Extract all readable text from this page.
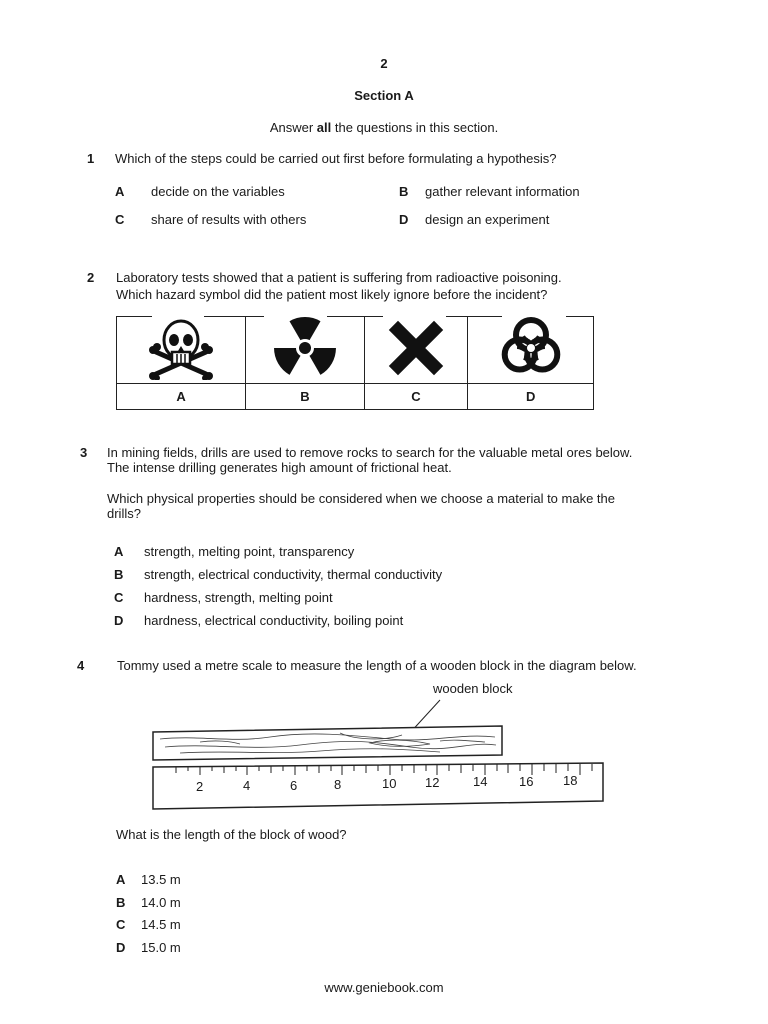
2
Section A
Answer all the questions in this section.
1 Which of the steps could be carried out first before formulating a hypothesis?
A decide on the variables	B gather relevant information
C share of results with others	D design an experiment
2 Laboratory tests showed that a patient is suffering from radioactive poisoning.
Which hazard symbol did the patient most likely ignore before the incident?

A	B	C	D
3 In mining fields, drills are used to remove rocks to search for the valuable metal ores below.
The intense drilling generates high amount of frictional heat.
Which physical properties should be considered when we choose a material to make the
drills?
A strength, melting point, transparency
B strength, electrical conductivity, thermal conductivity
C hardness, strength, melting point
D hardness, electrical conductivity, boiling point
4	Tommy used a metre scale to measure the length of a wooden block in the diagram below.
wooden block
2	4	6	8	10 12	14 16 18
What is the length of the block of wood?
A 13.5 m
B 14.0 m
C 14.5 m
D 15.0 m
www.geniebook.com
